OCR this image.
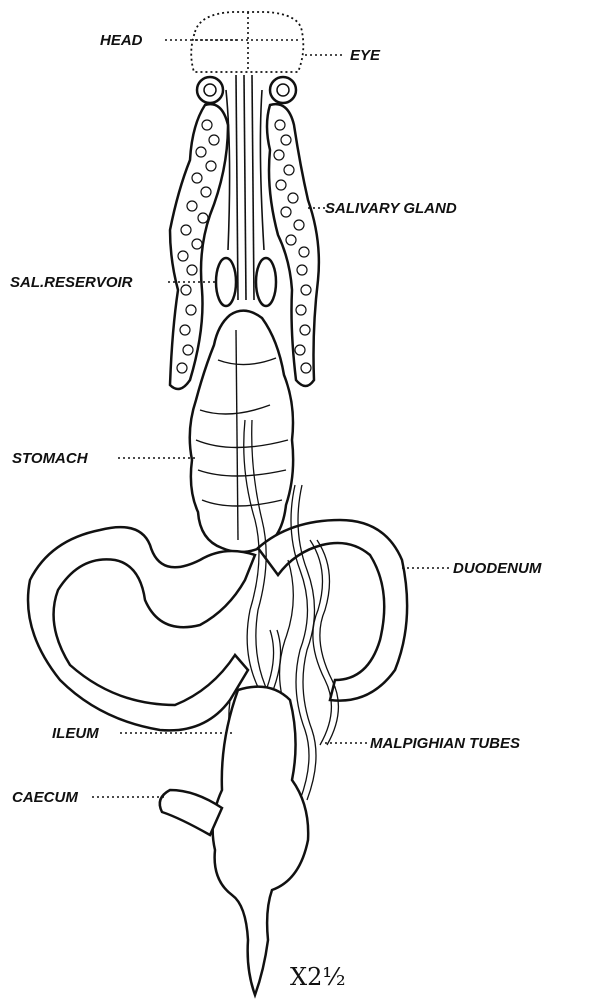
HEAD
EYE
SALIVARY GLAND
SAL.RESERVOIR
STOMACH
DUODENUM
ILEUM
MALPIGHIAN TUBES
CAECUM
X2½
